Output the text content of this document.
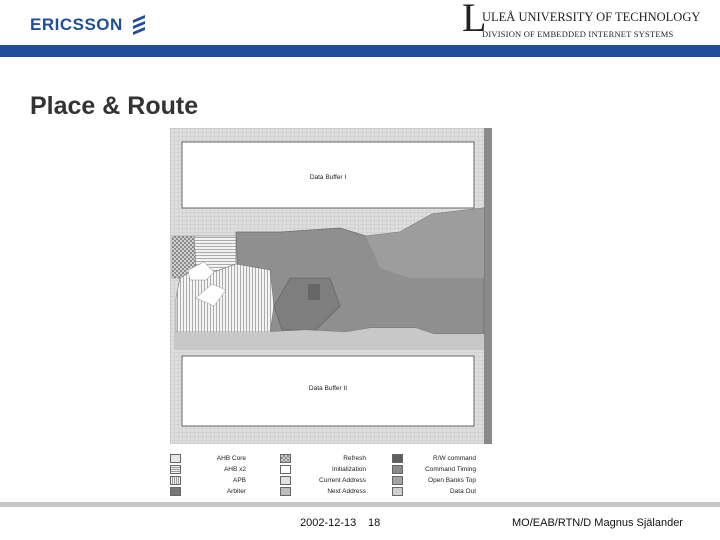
ERICSSON	L
ULEÅ UNIVERSITY OF TECHNOLOGY
DIVISION OF EMBEDDED INTERNET SYSTEMS
Place & Route
Data Buffer I
Data Buffer II
AHB Core
AHB x2
APB
Arbiter
Refresh
Initialization
Current Address
Next Address
R/W command
Command Timing
Open Banks Top
Data Out
2002-12-13 18	MO/EAB/RTN/D Magnus Själander
